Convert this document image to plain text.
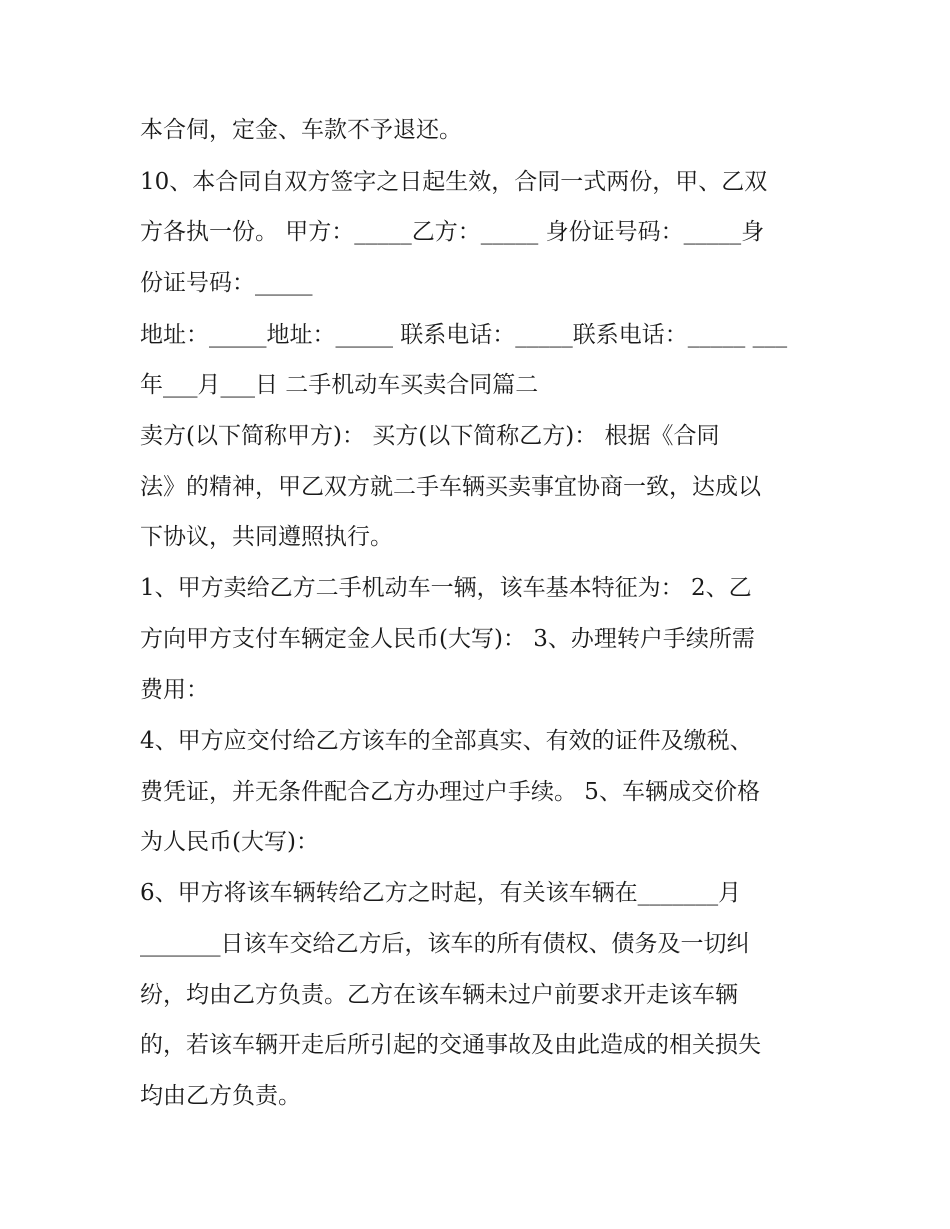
本合伺，定金、车款不予退还。

10、本合同自双方签字之日起生效，合同一式两份，甲、乙双

方各执一份。 甲方：_____乙方：_____ 身份证号码：_____身

份证号码：_____

地址：_____地址：_____ 联系电话：_____联系电话：_____ ___

年___月___日 二手机动车买卖合同篇二

卖方(以下简称甲方)： 买方(以下简称乙方)： 根据《合同

法》的精神，甲乙双方就二手车辆买卖事宜协商一致，达成以

下协议，共同遵照执行。

1、甲方卖给乙方二手机动车一辆，该车基本特征为： 2、乙

方向甲方支付车辆定金人民币(大写)： 3、办理转户手续所需

费用：

4、甲方应交付给乙方该车的全部真实、有效的证件及缴税、

费凭证，并无条件配合乙方办理过户手续。 5、车辆成交价格

为人民币(大写)：

6、甲方将该车辆转给乙方之时起，有关该车辆在_______月

_______日该车交给乙方后，该车的所有债权、债务及一切纠

纷，均由乙方负责。乙方在该车辆未过户前要求开走该车辆

的，若该车辆开走后所引起的交通事故及由此造成的相关损失

均由乙方负责。
